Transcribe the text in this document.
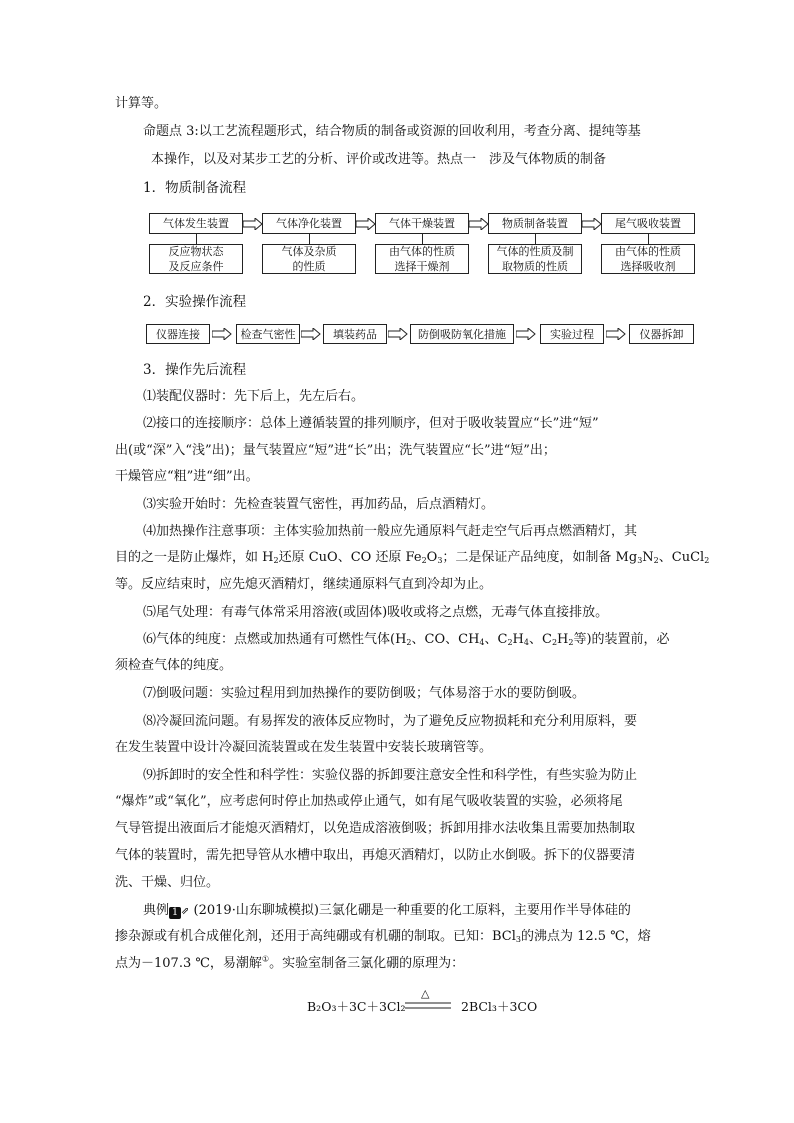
计算等。
命题点 3:以工艺流程题形式，结合物质的制备或资源的回收利用，考查分离、提纯等基
本操作，以及对某步工艺的分析、评价或改进等。热点一　涉及气体物质的制备
1．物质制备流程
气体发生装置	气体净化装置	气体干燥装置	物质制备装置	尾气吸收装置
反应物状态
及反应条件
气体及杂质
的性质
由气体的性质
选择干燥剂
气体的性质及制
取物质的性质
由气体的性质
选择吸收剂
2．实验操作流程
仪器连接	检查气密性	填装药品	防倒吸防氧化措施	实验过程	仪器拆卸
3．操作先后流程
⑴装配仪器时：先下后上，先左后右。
⑵接口的连接顺序：总体上遵循装置的排列顺序，但对于吸收装置应“长”进“短”
出(或“深”入“浅”出)；量气装置应“短”进“长”出；洗气装置应“长”进“短”出；
干燥管应“粗”进“细”出。
⑶实验开始时：先检查装置气密性，再加药品，后点酒精灯。
⑷加热操作注意事项：主体实验加热前一般应先通原料气赶走空气后再点燃酒精灯，其
目的之一是防止爆炸，如 $H_2$还原 CuO、CO 还原 $Fe_2O_3$；二是保证产品纯度，如制备 $Mg_3N_2$、CuCl$_2$
等。反应结束时，应先熄灭酒精灯，继续通原料气直到冷却为止。
⑸尾气处理：有毒气体常采用溶液(或固体)吸收或将之点燃，无毒气体直接排放。
⑹气体的纯度：点燃或加热通有可燃性气体($H_2$、CO、$CH_4$、$C_2H_4$、$C_2H_2$等)的装置前，必
须检查气体的纯度。
⑺倒吸问题：实验过程用到加热操作的要防倒吸；气体易溶于水的要防倒吸。
⑻冷凝回流问题。有易挥发的液体反应物时，为了避免反应物损耗和充分利用原料，要
在发生装置中设计冷凝回流装置或在发生装置中安装长玻璃管等。
⑼拆卸时的安全性和科学性：实验仪器的拆卸要注意安全性和科学性，有些实验为防止
“爆炸”或“氧化”，应考虑何时停止加热或停止通气，如有尾气吸收装置的实验，必须将尾
气导管提出液面后才能熄灭酒精灯，以免造成溶液倒吸；拆卸用排水法收集且需要加热制取
气体的装置时，需先把导管从水槽中取出，再熄灭酒精灯，以防止水倒吸。拆下的仪器要清
洗、干燥、归位。
典例 1 ⇗ (2019·山东聊城模拟)三氯化硼是一种重要的化工原料，主要用作半导体硅的
掺杂源或有机合成催化剂，还用于高纯硼或有机硼的制取。已知：BCl$_3$的沸点为 12.5 ℃，熔
点为－107.3 ℃，易潮解①。实验室制备三氯化硼的原理为：
B₂O₃＋3C＋3Cl₂
△
2BCl₃＋3CO
